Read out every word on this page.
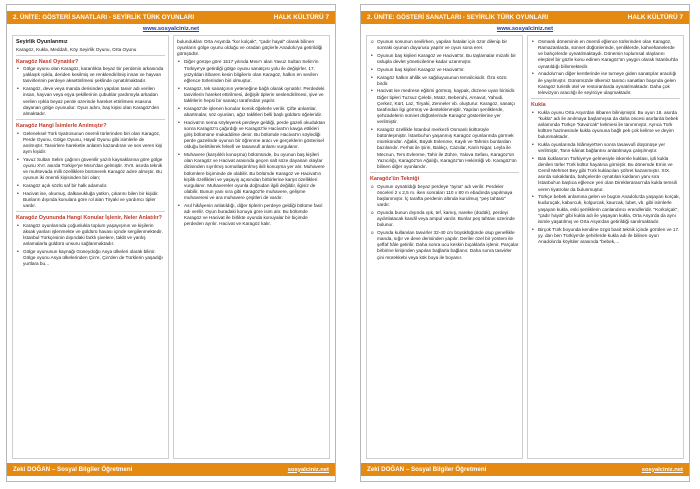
2. ÜNİTE: GÖSTERİ SANATLARI - SEYİRLİK TÜRK OYUNLARI	HALK KÜLTÜRÜ 7
www.sosyalciniz.net
Seyirlik Oyunlarımız

Karagöz, Kukla, Meddah, Köy Seyirlik Oyunu, Orta Oyunu

Karagöz Nasıl Oynatılır?
• Gölge oyunu olan Karagöz, karanlıkta beyaz bir perdenin arkasında yaklaşık ışıkla, deriden kesilmiş ve renklendirilmiş insan ve hayvan tasvirlerinin perdeye aksettirilmesi şeklinde oynatılmaktadır.
• Karagöz, deve veya manda derisinden yapılan tasvir adı verilen insan, hayvan veya eşya şekillerinin çubuklar yardımıyla arkadan verilen ışıkla beyaz perde üzerinde hareket ettirilmesi esasına dayanan gölge oyunudur. Oyun adını, baş kişisi olan Karagöz'den almaktadır.
Karagöz Hangi İsimlerle Anılmıştır?
• Geleneksel Türk tiyatrosunun önemli türlerinden biri olan Karagöz, Perde Oyunu, Gölge Oyunu, Hayal Oyunu gibi isimlerle de anılmıştır. Tasvirlere hareketle anlatım kazandıran ve ses veren kişi aym kişidir.
• Yavuz Sultan Selim çağının güvenilir yazılı kaynaklarına göre gölge oyunu XVI. asırda Türkiye'ye Mısır'dan gelmiştir. XVII. asırda teknik ve muhtevada milli özelliklere bürünerek Karagöz adıre almıştır. Bu oyunun iki önemli kişisinden biri olan;
• Karagöz açık sözlü saf bir halk adamıdır.
• Hacivat ise, okumuş, dalkavukluğa yatkın, çıkarını bilen bir kişidir. Bunların dışında konulara göre rol alan Tiryaki ve yardımcı tipler vardır.
Karagöz Oyununda Hangi Konular İşlenir, Neler Anlatılır?
• Karagöz oyunlarında çoğunlukla toplum yaşayışının ve kişilerin aksak yanları işlenmekte ve güldürü havası içinde sergilenmektedir. İstanbul Türkçesinin dışındaki farklı şivelere, taklit ve yanlış anlamalarla güldürü unsuru sağlanmaktadır.
• Gölge oyununun kaynağı Güneydoğu Asya ülkeleri olarak bilinir. Gölge oyunu Asya ülkelerinden Çin'e, Çin'den de Türklerin yaşadığı yurtlara bu...

bulundukları Orta Asya'da "kor kolçak", "çadır hayal" olarak bilinen oyunların gölge oyunu olduğu ve oradan göçlerle Anadolu'ya getirildiği görüşüdür.

• Diğer görüşe göre 1517 yılında Mısır'ı alan Yavuz Sultan Selim'in Türkiye'ye getirdiği gölge oyunu sanatçısı yolu ile değişirler. 17. yüzyıldan itibaren kesin bilgilerin olan Karagöz, halkın en sevilen eğlence türlerinden biri olmuştur.
• Karagöz, tek sanatçının yeteneğine bağlı olarak oynatılır. Perdedeki tasvirlerin hareket ettirilmesi, değişik tiplerin seslendirilmesi, şive ve taklitlerin hepsi bir sanatçı tarafından yapılır.
• Karagöz'de işlenen konular komik öğelerle verilir. Çifte anlamlar, abartmalar, söz oyunları, ağız taklitleri belli başlı güldürü öğeleridir.
• Hacivat'ın sema söyleyerek perdeye geldiği, perde gazeli okuduktan sonra Karagöz'ü çağırdığı ve Karagöz'le Hacivat'ın kavga ettikleri giriş bölümüne mukaddime denir. Bu bölümde Hacivat'ın söylediği perde gazelinde oyunun bir öğrenme aracı ve gerçeklerin gösterisel olduğu belirtilerek felsefi ve tasavvufi anlamı vurgulanır.
• Muhavere (karşılıklı konuşma) bölümünde, bu oyunun baş kişileri olan Karagöz ve Hacivat arasında geçen salt söze dayanan olaylar dizisinden sıyrılmış somutlaştırılmış ikili konuşma yer alır. Muhavere bölümlere biçiminde de olabilir. Bu bölümde Karagöz ve Hacivat'ın kişilik özellikleri ve yaşayış açısından birbirlerine karşıt özellikleri vurgulanır. Muhavereler oyunla doğrudan ilgili değildir, ilgisiz de olabilir. Bunun yanı sıra gibi Karagöz'le muhavere, gelişme muhaveresi ve ara muhavere çeşitleri de vardır.
• Asıl hikâyenin anlatıldığı, diğer tiplerin perdeye geldiği bölüme fasıl adı verilir. Oyun buradaki konuya göre isim alır. Bu bölümde Karagöz ve Hacivat ile birlikte oyunda konuyalar bir biçimde perdeden ayrılır. Hacivat ve Karagöz kalır.
Zeki DOĞAN – Sosyal Bilgiler Öğretmeni	sosyalciniz.net
2. ÜNİTE: GÖSTERİ SANATLARI - SEYİRLİK TÜRK OYUNLARI	HALK KÜLTÜRÜ 7
www.sosyalciniz.net
o Oyunun sonunun sevilirken, yapılan hatalar için özür dilenip bir sonraki oyunun duyurusu yapılır ve oyun sona erer.
• Oyunun baş kişileri Karagöz ve Hacivat'tır. Bu taşlamalar mizahi bir üslupla devlet yöneticilerine kadar uzanmıştır.
• Oyunun baş kişileri Karagöz ve Hacivat'tır.
• Karagöz halkın ahlâk ve sağduyusunun temsilcisidir. Özü sözü birdir.
• Hacivat ise medrese eğitimi görmüş, kaypak, düzene uyan birisidir. Diğer tipleri Tuzsuz Çelebi, Matız, Beberuhi, Arnavut, Yahudi, Çerkez, Kürt, Laz, Tiryaki, Zenneler vb. oluşturur. Karagöz, sanatçı tarafından ilgi görmüş ve desteklenmiştir. Yapılan şenliklerde, şehzadelerin sünnet düğünlerinde Karagöz gösterilerine yer verilmiştir.
• Karagöz özellikle İstanbul merkezli Osmanlı kültürüyle bütünleşmiştir. İstanbul'un yaşanmış Karagöz oyunlarında görmek mümkündür. Ağalık, Büyük Evlenme, Kayık ve Tahmis bunlardan bazılarıdır. Ferhat ile Şirin, Balıkçı, Cazular, Kanlı Nigar, Leyla ile Mecnun, Ters Evlenme, Tahir ile Zühre, Yalova Sefası, Karagöz'ün Yazıcılığı, Karagöz'ün Ağalığı, Karagöz'ün Hekimliği vb. Karagöz'ün bilinen diğer oyunlarıdır.
Karagöz'ün Tekniği
o Oyunun oynatıldığı beyaz perdeye "ayna" adı verilir. Perdeler önceleri 2 x 2,5 m. iken sonraları 110 x 80 m ebadında yapılmaya başlanmıştır. İç tarafta perdenin altında kurulmuş "peş tahtası" vardır.
o Oyunda bunun dışında ışık, tef, kamış, nareke (düdük), perdeyi aydınlatacak kandil veya ampul vardır. Bunlar peş tahtası üzerinde bulunur.
o Oyunda kullanılan tasvirler 32-40 cm büyüklüğünde olup genellikle manda, sığır ve deve derisinden yapılır. Deriler özel bir yöntem ile şeffaf hâle getirilir. Daha sonra ucu keskin bıçaklarla işlenir. Parçalar birbirine kirişinden yapılan bağlarla bağlanır. Daha sonra tasvirler çini mürekkebi veya kök boya ile boyanır.
• Osmanlı döneminin en önemli eğlence türlerinden olan Karagöz, Ramazanlarda, sünnet düğünlerinde, şenliklerde, kahvehanelerde ve bahçelerde oynatılmaktaydı. Dönemin toplumsal olaylarını eleştirel bir gözle konu edinen Karagöz'ün yaygın olarak İstanbul'da oynatıldığı bilinmektedir.
• Anadolu'nun diğer kentlerinde ise turneye giden sanatçılar aracılığı ile yayılmıştır. Günümüzde ülkemiz tanıtıcı sanatları başında gelen Karagöz turistik otel ve restoranlarda oynatılmaktadır. Daha çok televizyon aracılığı ile seyirciye ulaşmaktadır.
Kukla
• Kukla oyunu Orta Asya'dan itibaren bilinişmiştir. Bu oyun 18. asırda "kukla" adı ile anılmaya başlamışsa da daha öncesi asırlarda bebek anlamında Türkçe "kavurcak" kelimesi ile tanınmıştır. Ayrıca Türk kültüre hazinesinde kukla oyununa bağlı pek çok kelime ve deyim bulunmaktadır.
• Kukla oyunlarında İslâmiyet'ten sonra tasavvufi düşünüşe yer verilmiştir, Tanrı-kâinat bağlantısı anlatılmaya çalışılmıştır.
• Batı kuklasının Türkiye'ye gelmesiyle iskemle kuklası, ipli kukla denilen türler Türk kültür hayatına girmiştir. Bu dönemde Emin ve Cemil Mehmet Bey gibi Türk kuklacıları şöhret kazanmıştır. XIX. asırda sokaklarda, bahçelerde oynatılan kuklanın yanı sıra İstanbul'un başlıca eğlence yeri olan Direklerarası'nda kukla temsili veren tiyatrolar da bulunmuştur.
• Türkçe bebek anlamına gelen ve bugün Anadolu'da yaşayan korçak, kuduruçak, kaburcuk, kolgurcak, kaurcak, lubet, vb. gibi isimlerle yaşayan kukla, eski şenliklerin canlandırıcı erendleridir. "Korkolçak", "çadır hayal" gibi kukla adı ile yaşayan kukla, Orta Asya'da da aynı isimle yaşatılmış ve Orta Asya'dan getirildiği sanılmaktadır.
• Birçok Türk boyunda kendine özgü basit teknik içinde görülen ve 17. yy. dan ben Türkiye'de şehirlerde kukla adı ile bilinen oyun Anadolu'da köylüler arasında "bebek,...
Zeki DOĞAN – Sosyal Bilgiler Öğretmeni	sosyalciniz.net
